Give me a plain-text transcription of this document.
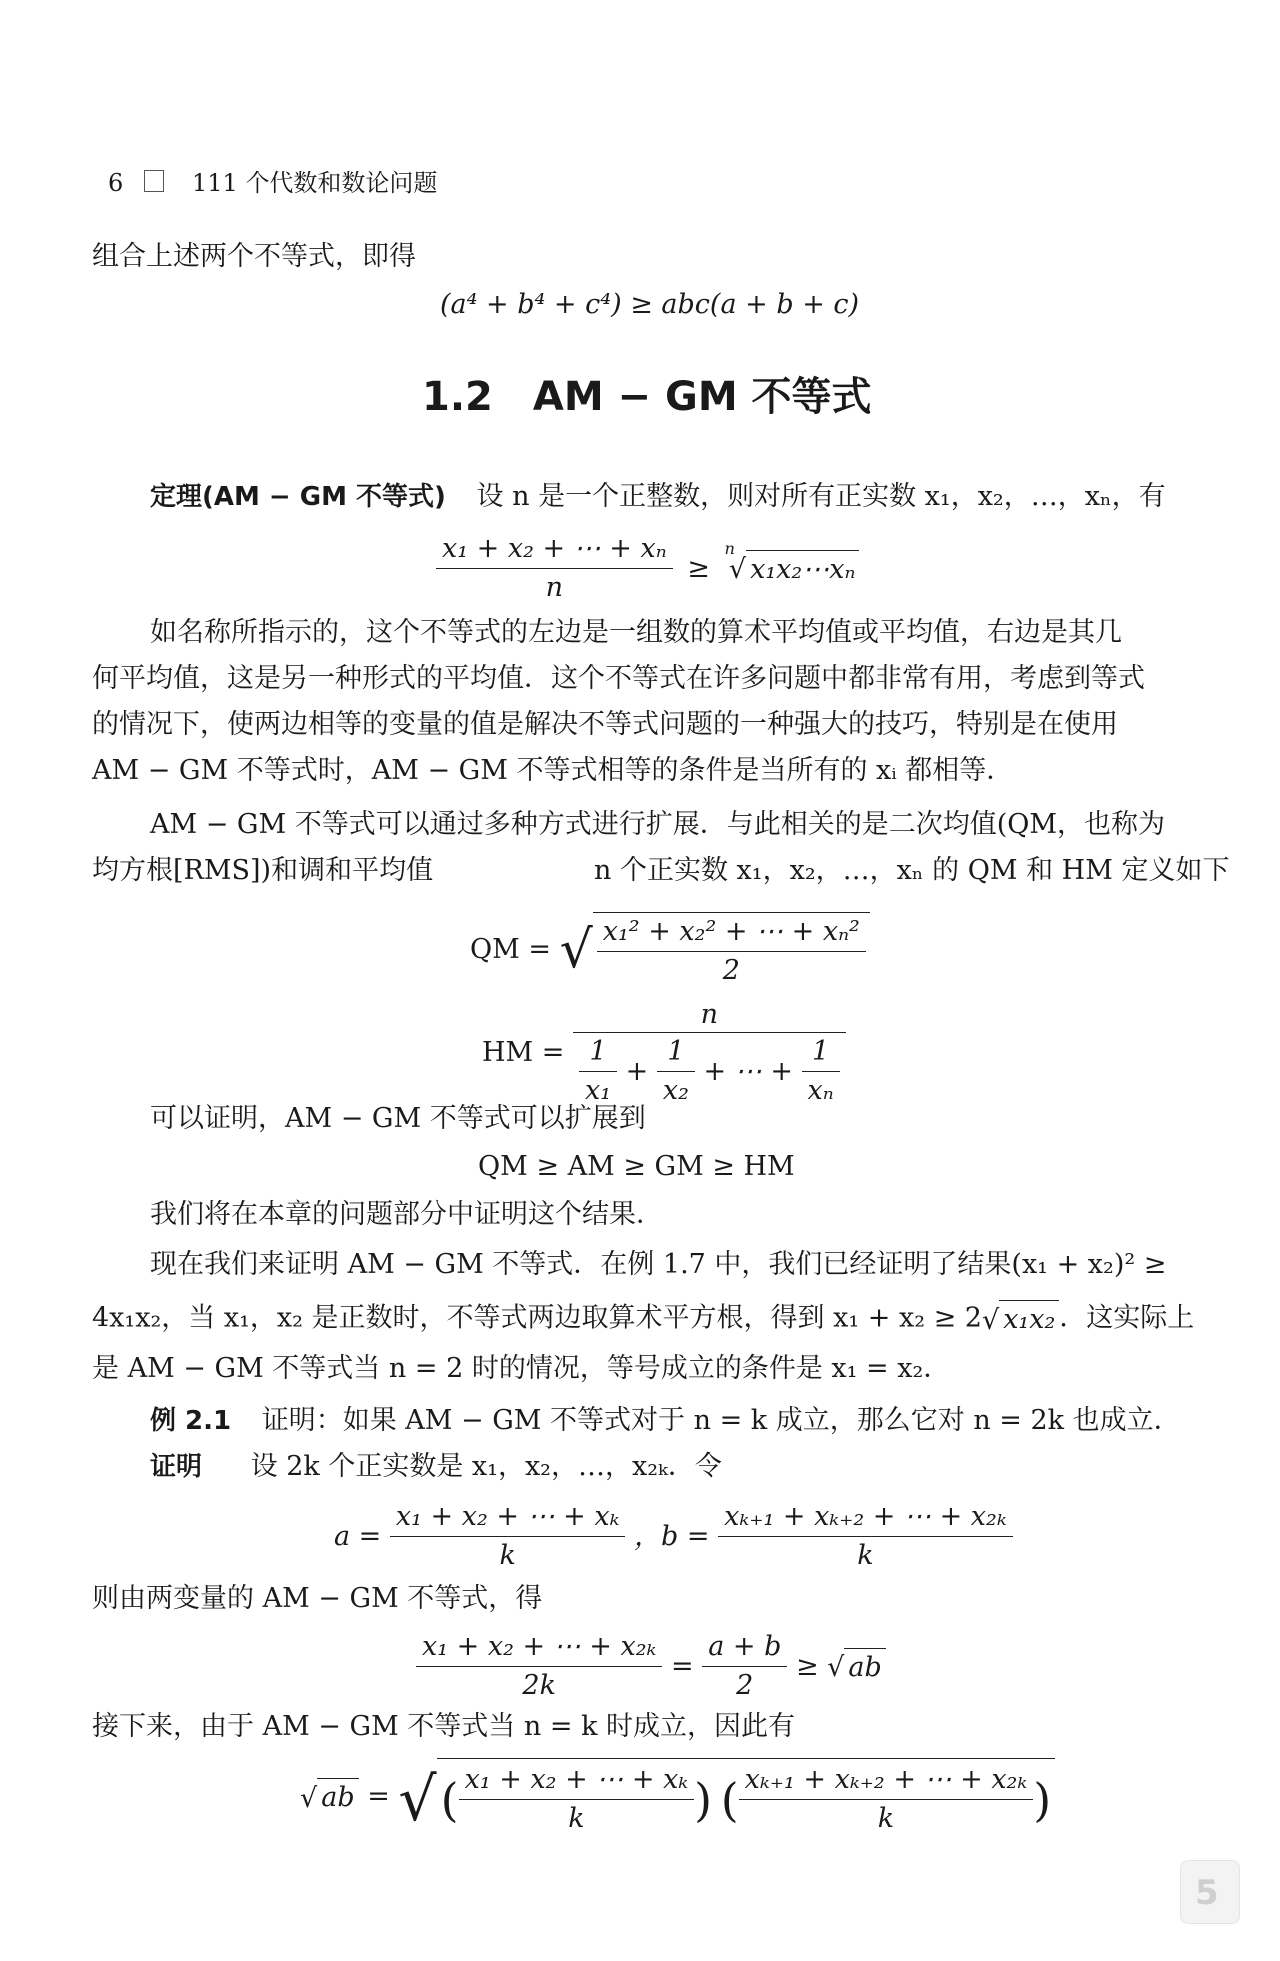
6	111 个代数和数论问题
组合上述两个不等式，即得
(a⁴ + b⁴ + c⁴) ≥ abc(a + b + c)
1.2　AM − GM 不等式
定理(AM − GM 不等式) 设 n 是一个正整数，则对所有正实数 x₁，x₂，…，xₙ，有
$\frac{\text{x₁ + x₂ + ⋯ + xₙ}}{n} \ge ^n√$ x₁x₂⋯xₙ
如名称所指示的，这个不等式的左边是一组数的算术平均值或平均值，右边是其几
何平均值，这是另一种形式的平均值．这个不等式在许多问题中都非常有用，考虑到等式
的情况下，使两边相等的变量的值是解决不等式问题的一种强大的技巧，特别是在使用
AM − GM 不等式时，AM − GM 不等式相等的条件是当所有的 xᵢ 都相等．
AM − GM 不等式可以通过多种方式进行扩展．与此相关的是二次均值(QM，也称为
均方根[RMS])和调和平均值	n 个正实数 x₁，x₂，…，xₙ 的 QM 和 HM 定义如下
QM = √ $\frac{\text{x₁² + x₂² + ⋯ + xₙ²}}{2}$
HM = $\frac{n}{\frac{1}{\text{x₁}} + \frac{1}{\text{x₂}} + \cdots + \frac{1}{\text{xₙ}}}$
可以证明，AM − GM 不等式可以扩展到
QM ≥ AM ≥ GM ≥ HM
我们将在本章的问题部分中证明这个结果．
现在我们来证明 AM − GM 不等式．在例 1.7 中，我们已经证明了结果(x₁ + x₂)² ≥
4x₁x₂，当 x₁，x₂ 是正数时，不等式两边取算术平方根，得到 x₁ + x₂ ≥ 2√ x₁x₂ ．这实际上
是 AM − GM 不等式当 n = 2 时的情况，等号成立的条件是 x₁ = x₂．
例 2.1 证明：如果 AM − GM 不等式对于 n = k 成立，那么它对 n = 2k 也成立．
证明 设 2k 个正实数是 x₁，x₂，…，x₂ₖ．令
$a = \frac{\text{x₁ + x₂ + ⋯ + xₖ}}{k}$ ，$b = \frac{\text{xₖ₊₁ + xₖ₊₂ + ⋯ + x₂ₖ}}{k}$
则由两变量的 AM − GM 不等式，得
$\frac{\text{x₁ + x₂ + ⋯ + x₂ₖ}}{2k} = \frac{a + b}{2}$ ≥ √ ab
接下来，由于 AM − GM 不等式当 n = k 时成立，因此有
√ ab = √( $\frac{\text{x₁ + x₂ + ⋯ + xₖ}}{k}$ ) ( $\frac{\text{xₖ₊₁ + xₖ₊₂ + ⋯ + x₂ₖ}}{k}$ )
5
